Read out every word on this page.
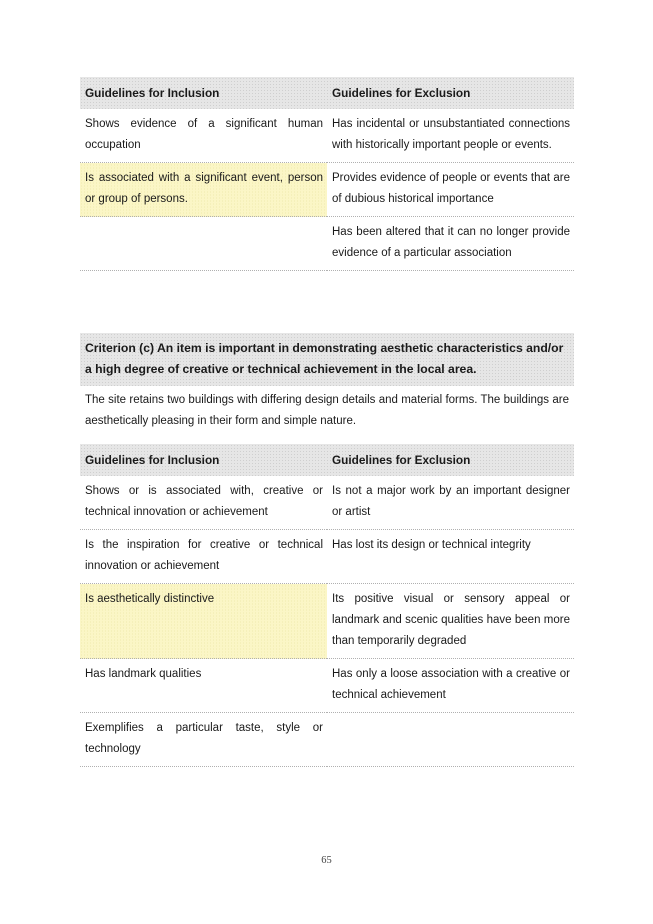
Guidelines for Inclusion	Guidelines for Exclusion
Shows evidence of a significant human occupation	Has incidental or unsubstantiated connections with historically important people or events.
Is associated with a significant event, person or group of persons.	Provides evidence of people or events that are of dubious historical importance
	Has been altered that it can no longer provide evidence of a particular association
Criterion (c) An item is important in demonstrating aesthetic characteristics and/or a high degree of creative or technical achievement in the local area.
The site retains two buildings with differing design details and material forms. The buildings are aesthetically pleasing in their form and simple nature.
Guidelines for Inclusion	Guidelines for Exclusion
Shows or is associated with, creative or technical innovation or achievement	Is not a major work by an important designer or artist
Is the inspiration for creative or technical innovation or achievement	Has lost its design or technical integrity
Is aesthetically distinctive	Its positive visual or sensory appeal or landmark and scenic qualities have been more than temporarily degraded
Has landmark qualities	Has only a loose association with a creative or technical achievement
Exemplifies a particular taste, style or technology	
65
